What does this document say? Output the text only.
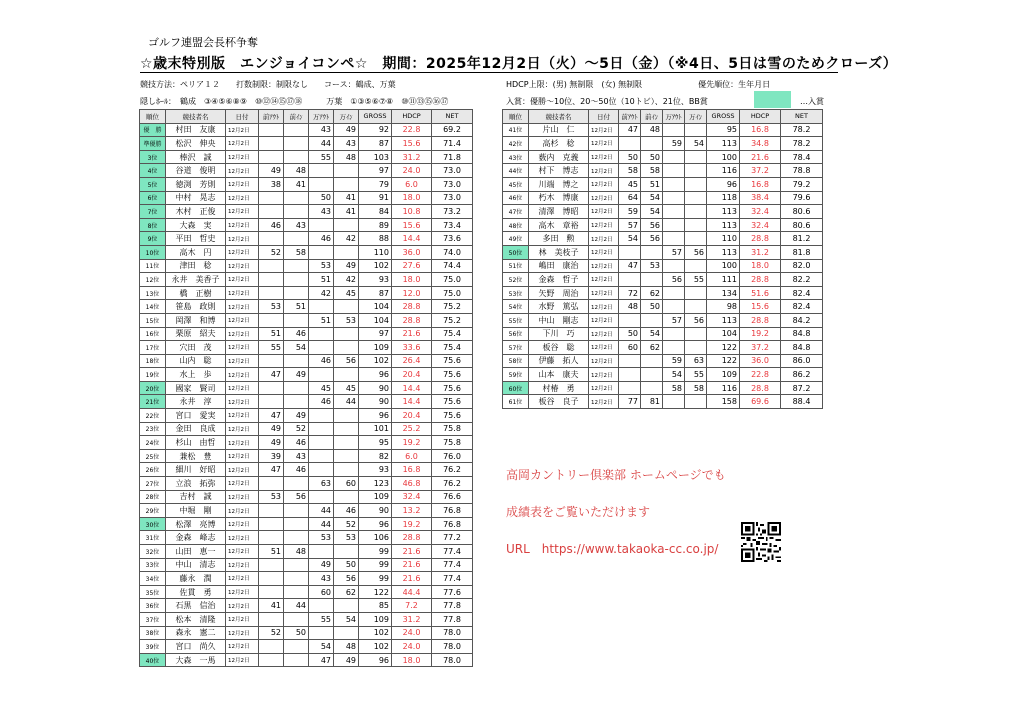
ゴルフ連盟会長杯争奪
☆歳末特別版　エンジョイコンペ☆　期間：2025年12月2日（火）～5日（金）（※4日、5日は雪のためクローズ）
競技方法：ペリア１２　　打数制限：制限なし　　コース：鶴成、万葉	HDCP上限：(男) 無制限　(女) 無制限　　　　　　　優先順位：生年月日
隠しﾎｰﾙ：　鶴成　③④⑤⑥⑧⑨　⑩⑫⑭⑮⑰⑱　　　万葉　①③⑤⑥⑦⑧　⑩⑪⑬⑮⑯⑰	入賞：優勝～10位、20～50位（10トビ）、21位、BB賞	…入賞
順位	競技者名	日付	前ｱｳﾄ	前ｲﾝ	万ｱｳﾄ	万ｲﾝ	GROSS	HDCP	NET
優　勝	村田　友康	12月2日			43	49	92	22.8	69.2
準優勝	松沢　伸央	12月2日			44	43	87	15.6	71.4
3位	棒沢　誠	12月2日			55	48	103	31.2	71.8
4位	谷道　俊明	12月2日	49	48			97	24.0	73.0
5位	徳渕　芳則	12月2日	38	41			79	6.0	73.0
6位	中村　晃志	12月2日			50	41	91	18.0	73.0
7位	木村　正俊	12月2日			43	41	84	10.8	73.2
8位	大森　実	12月2日	46	43			89	15.6	73.4
9位	平田　哲史	12月2日			46	42	88	14.4	73.6
10位	高木　円	12月2日	52	58			110	36.0	74.0
11位	津田　稔	12月2日			53	49	102	27.6	74.4
12位	永井　美香子	12月2日			51	42	93	18.0	75.0
13位	橋　正樹	12月2日			42	45	87	12.0	75.0
14位	笹島　政則	12月2日	53	51			104	28.8	75.2
15位	岡澤　和博	12月2日			51	53	104	28.8	75.2
16位	栗原　紹夫	12月2日	51	46			97	21.6	75.4
17位	穴田　茂	12月2日	55	54			109	33.6	75.4
18位	山内　聡	12月2日			46	56	102	26.4	75.6
19位	水上　歩	12月2日	47	49			96	20.4	75.6
20位	國家　賢司	12月2日			45	45	90	14.4	75.6
21位	永井　淳	12月2日			46	44	90	14.4	75.6
22位	宮口　愛実	12月2日	47	49			96	20.4	75.6
23位	金田　良成	12月2日	49	52			101	25.2	75.8
24位	杉山　由哲	12月2日	49	46			95	19.2	75.8
25位	兼松　豊	12月2日	39	43			82	6.0	76.0
26位	細川　好昭	12月2日	47	46			93	16.8	76.2
27位	立浪　拓弥	12月2日			63	60	123	46.8	76.2
28位	吉村　誠	12月2日	53	56			109	32.4	76.6
29位	中堀　剛	12月2日			44	46	90	13.2	76.8
30位	松澤　亮博	12月2日			44	52	96	19.2	76.8
31位	金森　峰志	12月2日			53	53	106	28.8	77.2
32位	山田　恵一	12月2日	51	48			99	21.6	77.4
33位	中山　清志	12月2日			49	50	99	21.6	77.4
34位	藤永　潤	12月2日			43	56	99	21.6	77.4
35位	佐貫　勇	12月2日			60	62	122	44.4	77.6
36位	石黒　信治	12月2日	41	44			85	7.2	77.8
37位	松本　清隆	12月2日			55	54	109	31.2	77.8
38位	森永　憲二	12月2日	52	50			102	24.0	78.0
39位	宮口　尚久	12月2日			54	48	102	24.0	78.0
40位	大森　一馬	12月2日			47	49	96	18.0	78.0
順位	競技者名	日付	前ｱｳﾄ	前ｲﾝ	万ｱｳﾄ	万ｲﾝ	GROSS	HDCP	NET
41位	片山　仁	12月2日	47	48			95	16.8	78.2
42位	高杉　稔	12月2日			59	54	113	34.8	78.2
43位	薮内　克義	12月2日	50	50			100	21.6	78.4
44位	村下　博志	12月2日	58	58			116	37.2	78.8
45位	川端　博之	12月2日	45	51			96	16.8	79.2
46位	朽木　博康	12月2日	64	54			118	38.4	79.6
47位	清澤　博昭	12月2日	59	54			113	32.4	80.6
48位	高木　章裕	12月2日	57	56			113	32.4	80.6
49位	多田　勲	12月2日	54	56			110	28.8	81.2
50位	林　美枝子	12月2日			57	56	113	31.2	81.8
51位	嶋田　康治	12月2日	47	53			100	18.0	82.0
52位	金森　哲子	12月2日			56	55	111	28.8	82.2
53位	矢野　周治	12月2日	72	62			134	51.6	82.4
54位	水野　篤弘	12月2日	48	50			98	15.6	82.4
55位	中山　剛志	12月2日			57	56	113	28.8	84.2
56位	下川　巧	12月2日	50	54			104	19.2	84.8
57位	板谷　聡	12月2日	60	62			122	37.2	84.8
58位	伊藤　拓人	12月2日			59	63	122	36.0	86.0
59位	山本　康夫	12月2日			54	55	109	22.8	86.2
60位	村椿　勇	12月2日			58	58	116	28.8	87.2
61位	板谷　良子	12月2日	77	81			158	69.6	88.4
高岡カントリー倶楽部 ホームページでも
成績表をご覧いただけます
URL　https://www.takaoka-cc.co.jp/
